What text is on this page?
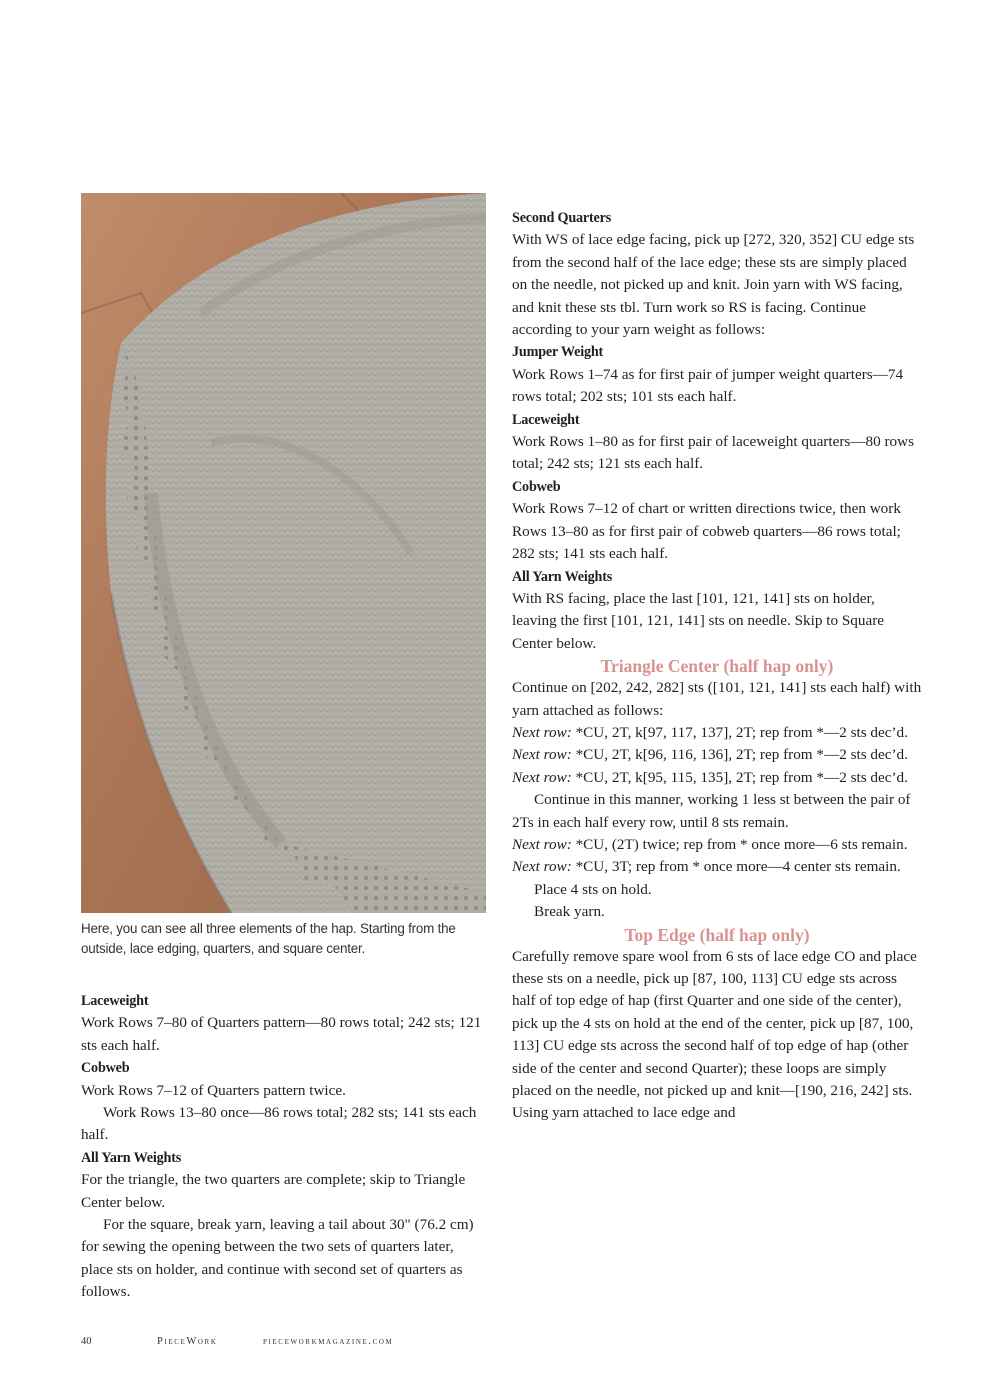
Here, you can see all three elements of the hap. Starting from the outside, lace edging, quarters, and square center.

Laceweight

Work Rows 7–80 of Quarters pattern—80 rows total; 242 sts; 121 sts each half.

Cobweb

Work Rows 7–12 of Quarters pattern twice.

Work Rows 13–80 once—86 rows total; 282 sts; 141 sts each half.

All Yarn Weights

For the triangle, the two quarters are complete; skip to Triangle Center below.

For the square, break yarn, leaving a tail about 30" (76.2 cm) for sewing the opening between the two sets of quarters later, place sts on holder, and continue with second set of quarters as follows.

Second Quarters

With WS of lace edge facing, pick up [272, 320, 352] CU edge sts from the second half of the lace edge; these sts are simply placed on the needle, not picked up and knit. Join yarn with WS facing, and knit these sts tbl. Turn work so RS is facing. Continue according to your yarn weight as follows:

Jumper Weight

Work Rows 1–74 as for first pair of jumper weight quarters—74 rows total; 202 sts; 101 sts each half.

Laceweight

Work Rows 1–80 as for first pair of laceweight quarters—80 rows total; 242 sts; 121 sts each half.

Cobweb

Work Rows 7–12 of chart or written directions twice, then work Rows 13–80 as for first pair of cobweb quarters—86 rows total; 282 sts; 141 sts each half.

All Yarn Weights

With RS facing, place the last [101, 121, 141] sts on holder, leaving the first [101, 121, 141] sts on needle. Skip to Square Center below.

Triangle Center (half hap only)

Continue on [202, 242, 282] sts ([101, 121, 141] sts each half) with yarn attached as follows:

Next row: *CU, 2T, k[97, 117, 137], 2T; rep from *—2 sts dec’d.

Next row: *CU, 2T, k[96, 116, 136], 2T; rep from *—2 sts dec’d.

Next row: *CU, 2T, k[95, 115, 135], 2T; rep from *—2 sts dec’d.

Continue in this manner, working 1 less st between the pair of 2Ts in each half every row, until 8 sts remain.

Next row: *CU, (2T) twice; rep from * once more—6 sts remain.

Next row: *CU, 3T; rep from * once more—4 center sts remain. Place 4 sts on hold.

Break yarn.

Top Edge (half hap only)

Carefully remove spare wool from 6 sts of lace edge CO and place these sts on a needle, pick up [87, 100, 113] CU edge sts across half of top edge of hap (first Quarter and one side of the center), pick up the 4 sts on hold at the end of the center, pick up [87, 100, 113] CU edge sts across the second half of top edge of hap (other side of the center and second Quarter); these loops are simply placed on the needle, not picked up and knit—[190, 216, 242] sts. Using yarn attached to lace edge and

40	PieceWork	pieceworkmagazine.com
